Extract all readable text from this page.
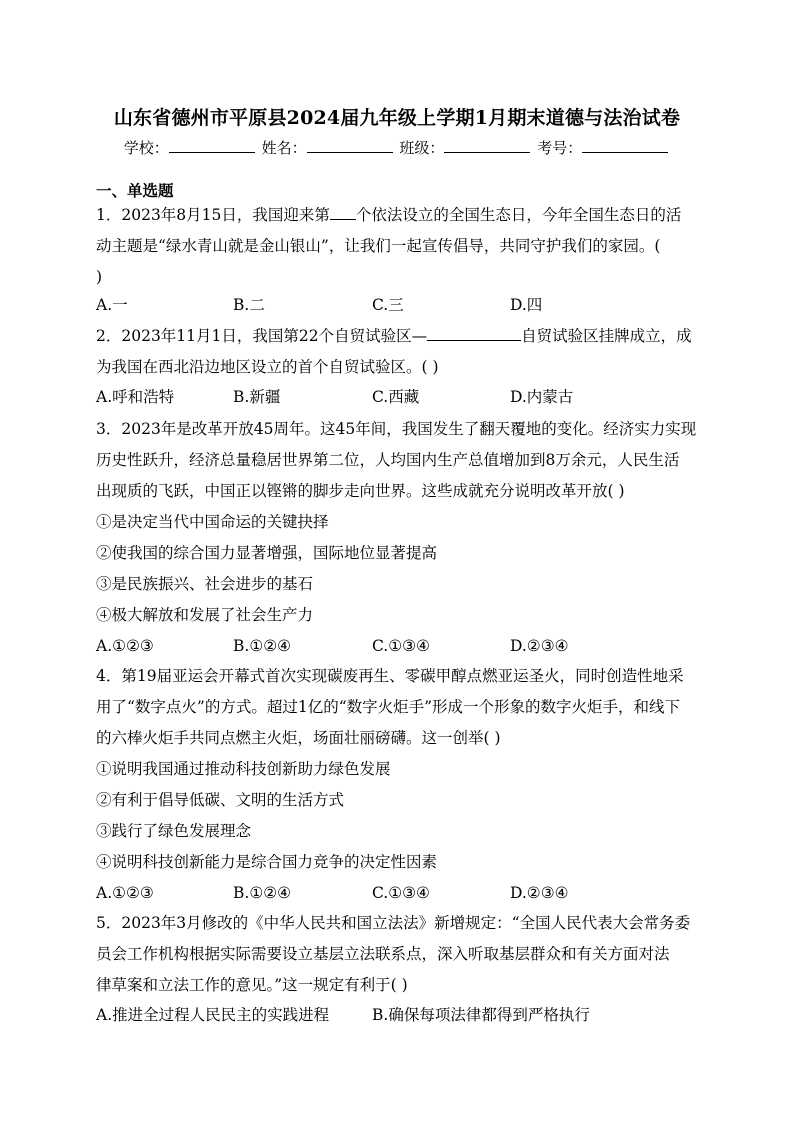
山东省德州市平原县2024届九年级上学期1月期末道德与法治试卷
学校：	姓名：	班级：	考号：
一、单选题
1．2023年8月15日，我国迎来第 个依法设立的全国生态日，今年全国生态日的活
动主题是“绿水青山就是金山银山”，让我们一起宣传倡导，共同守护我们的家园。(
)
A.一	B.二	C.三	D.四
2．2023年11月1日，我国第22个自贸试验区—	自贸试验区挂牌成立，成
为我国在西北沿边地区设立的首个自贸试验区。( )
A.呼和浩特	B.新疆	C.西藏	D.内蒙古
3．2023年是改革开放45周年。这45年间，我国发生了翻天覆地的变化。经济实力实现
历史性跃升，经济总量稳居世界第二位，人均国内生产总值增加到8万余元，人民生活
出现质的飞跃，中国正以铿锵的脚步走向世界。这些成就充分说明改革开放( )
①是决定当代中国命运的关键抉择
②使我国的综合国力显著增强，国际地位显著提高
③是民族振兴、社会进步的基石
④极大解放和发展了社会生产力
A.①②③	B.①②④	C.①③④	D.②③④
4．第19届亚运会开幕式首次实现碳废再生、零碳甲醇点燃亚运圣火，同时创造性地采
用了“数字点火”的方式。超过1亿的“数字火炬手”形成一个形象的数字火炬手，和线下
的六棒火炬手共同点燃主火炬，场面壮丽磅礴。这一创举( )
①说明我国通过推动科技创新助力绿色发展
②有利于倡导低碳、文明的生活方式
③践行了绿色发展理念
④说明科技创新能力是综合国力竞争的决定性因素
A.①②③	B.①②④	C.①③④	D.②③④
5．2023年3月修改的《中华人民共和国立法法》新增规定：“全国人民代表大会常务委
员会工作机构根据实际需要设立基层立法联系点，深入听取基层群众和有关方面对法
律草案和立法工作的意见。”这一规定有利于( )
A.推进全过程人民民主的实践进程	B.确保每项法律都得到严格执行
